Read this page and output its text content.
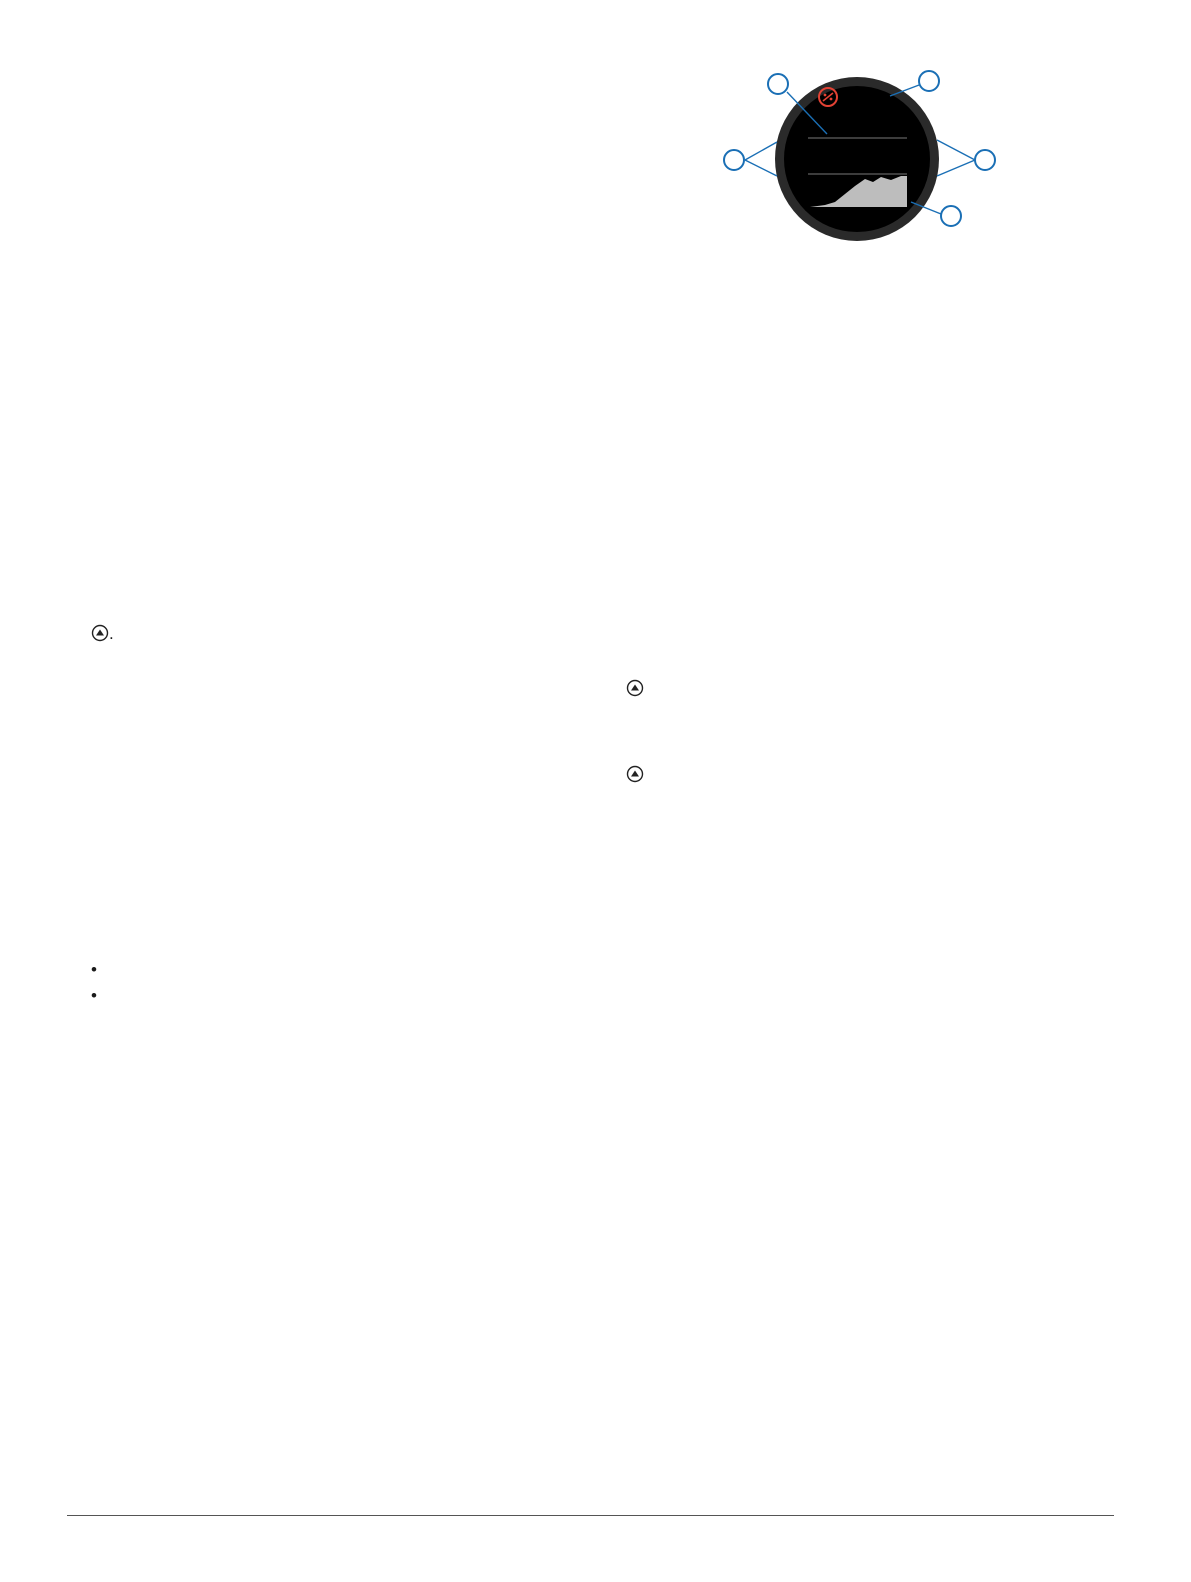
.

•
•
